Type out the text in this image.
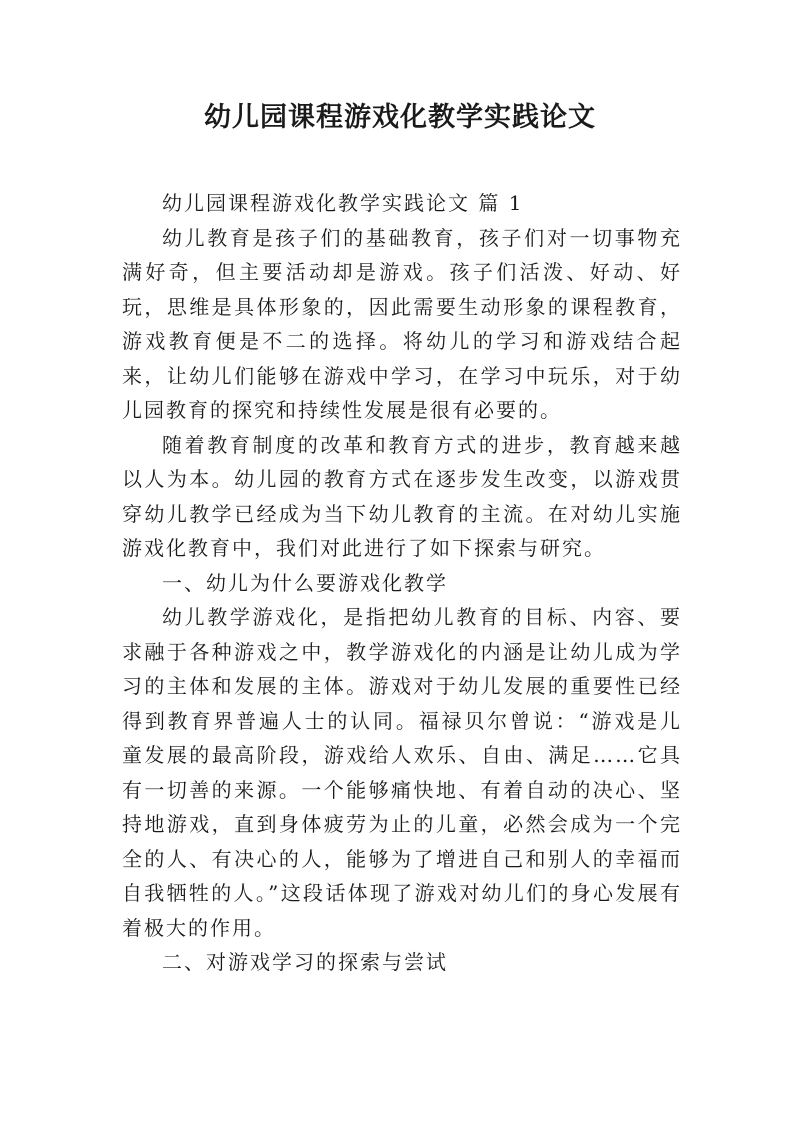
幼儿园课程游戏化教学实践论文

幼儿园课程游戏化教学实践论文 篇 1

幼儿教育是孩子们的基础教育，孩子们对一切事物充满好奇，但主要活动却是游戏。孩子们活泼、好动、好玩，思维是具体形象的，因此需要生动形象的课程教育，游戏教育便是不二的选择。将幼儿的学习和游戏结合起来，让幼儿们能够在游戏中学习，在学习中玩乐，对于幼儿园教育的探究和持续性发展是很有必要的。

随着教育制度的改革和教育方式的进步，教育越来越以人为本。幼儿园的教育方式在逐步发生改变，以游戏贯穿幼儿教学已经成为当下幼儿教育的主流。在对幼儿实施游戏化教育中，我们对此进行了如下探索与研究。

一、幼儿为什么要游戏化教学

幼儿教学游戏化，是指把幼儿教育的目标、内容、要求融于各种游戏之中，教学游戏化的内涵是让幼儿成为学习的主体和发展的主体。游戏对于幼儿发展的重要性已经得到教育界普遍人士的认同。福禄贝尔曾说：“游戏是儿童发展的最高阶段，游戏给人欢乐、自由、满足……它具有一切善的来源。一个能够痛快地、有着自动的决心、坚持地游戏，直到身体疲劳为止的儿童，必然会成为一个完全的人、有决心的人，能够为了增进自己和别人的幸福而自我牺牲的人。”这段话体现了游戏对幼儿们的身心发展有着极大的作用。

二、对游戏学习的探索与尝试
